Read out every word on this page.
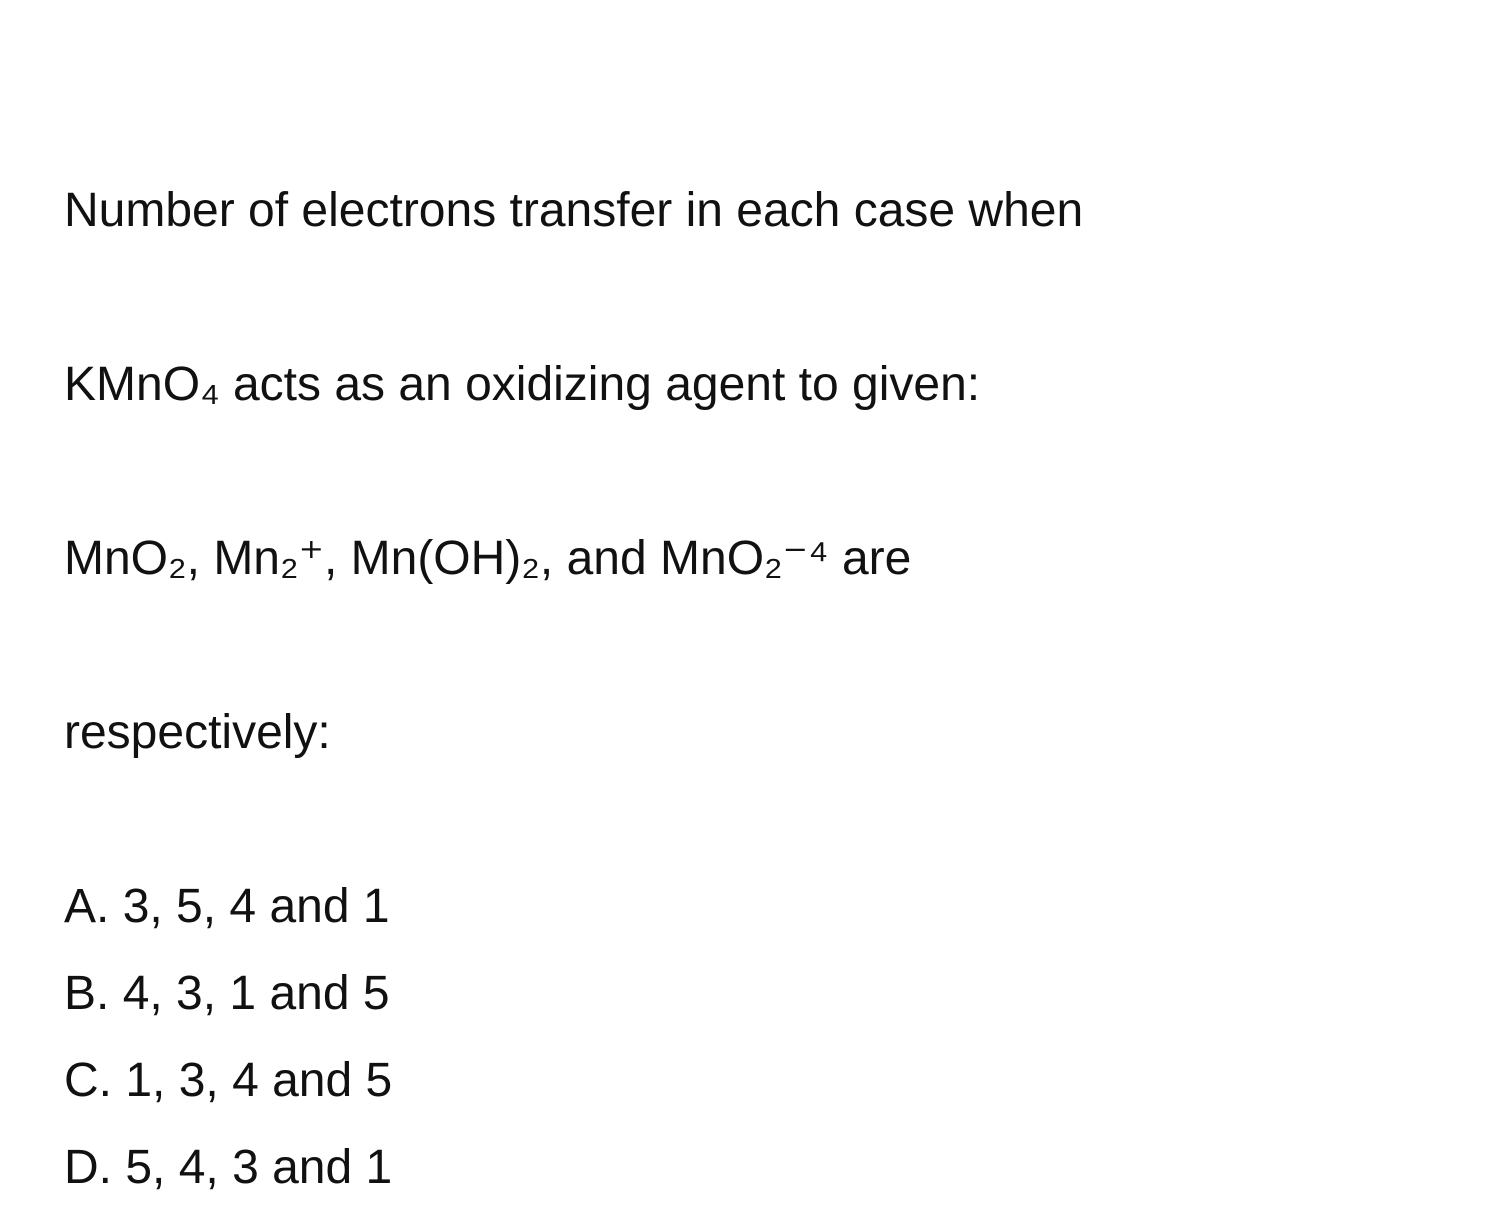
Number of electrons transfer in each case when

KMnO₄ acts as an oxidizing agent to given:

MnO₂, Mn₂⁺, Mn(OH)₂, and MnO₂⁻⁴ are

respectively:

A. 3, 5, 4 and 1
B. 4, 3, 1 and 5
C. 1, 3, 4 and 5
D. 5, 4, 3 and 1
